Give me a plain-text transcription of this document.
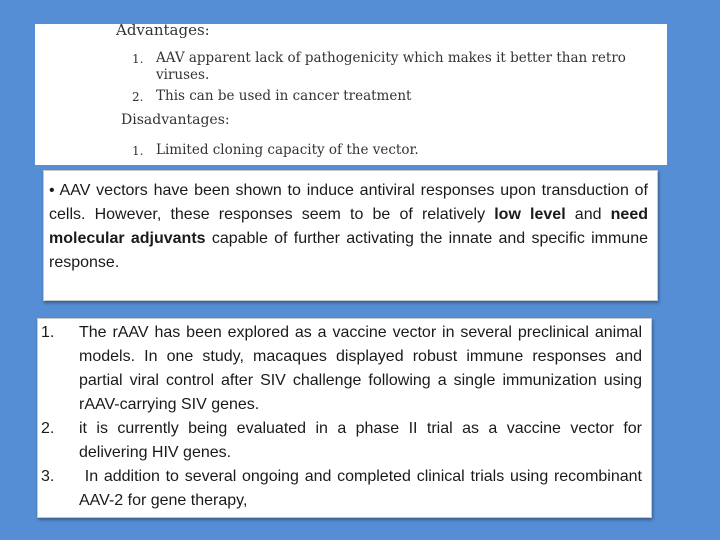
Advantages:
1. AAV apparent lack of pathogenicity which makes it better than retro viruses.
2. This can be used in cancer treatment
Disadvantages:
1. Limited cloning capacity of the vector.
• AAV vectors have been shown to induce antiviral responses upon transduction of cells. However, these responses seem to be of relatively low level and need molecular adjuvants capable of further activating the innate and specific immune response.
1.	The rAAV has been explored as a vaccine vector in several preclinical animal models. In one study, macaques displayed robust immune responses and partial viral control after SIV challenge following a single immunization using rAAV-carrying SIV genes.
2.	it is currently being evaluated in a phase II trial as a vaccine vector for delivering HIV genes.
3.	In addition to several ongoing and completed clinical trials using recombinant AAV-2 for gene therapy,
